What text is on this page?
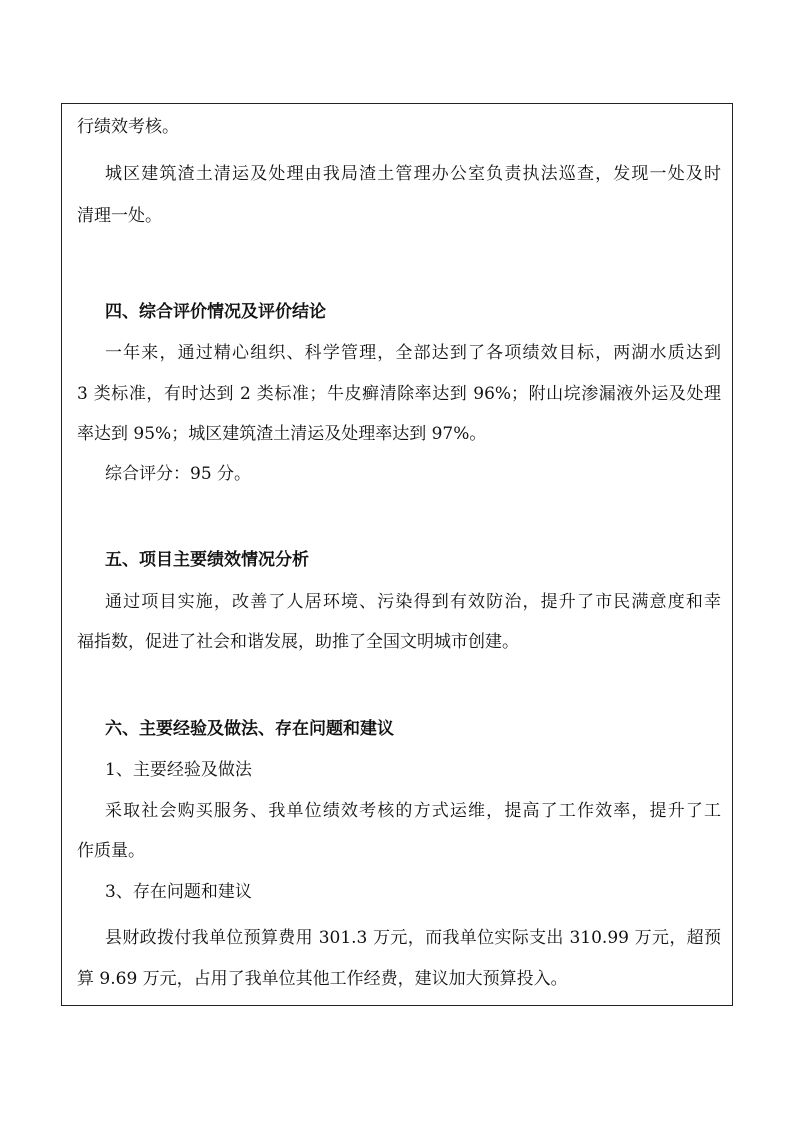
行绩效考核。
城区建筑渣土清运及处理由我局渣土管理办公室负责执法巡查，发现一处及时
清理一处。
四、综合评价情况及评价结论
一年来，通过精心组织、科学管理，全部达到了各项绩效目标，两湖水质达到
3 类标准，有时达到 2 类标准；牛皮癣清除率达到 96%；附山垸渗漏液外运及处理
率达到 95%；城区建筑渣土清运及处理率达到 97%。
综合评分：95 分。
五、项目主要绩效情况分析
通过项目实施，改善了人居环境、污染得到有效防治，提升了市民满意度和幸
福指数，促进了社会和谐发展，助推了全国文明城市创建。
六、主要经验及做法、存在问题和建议
1、主要经验及做法
采取社会购买服务、我单位绩效考核的方式运维，提高了工作效率，提升了工
作质量。
3、存在问题和建议
县财政拨付我单位预算费用 301.3 万元，而我单位实际支出 310.99 万元，超预
算 9.69 万元，占用了我单位其他工作经费，建议加大预算投入。
